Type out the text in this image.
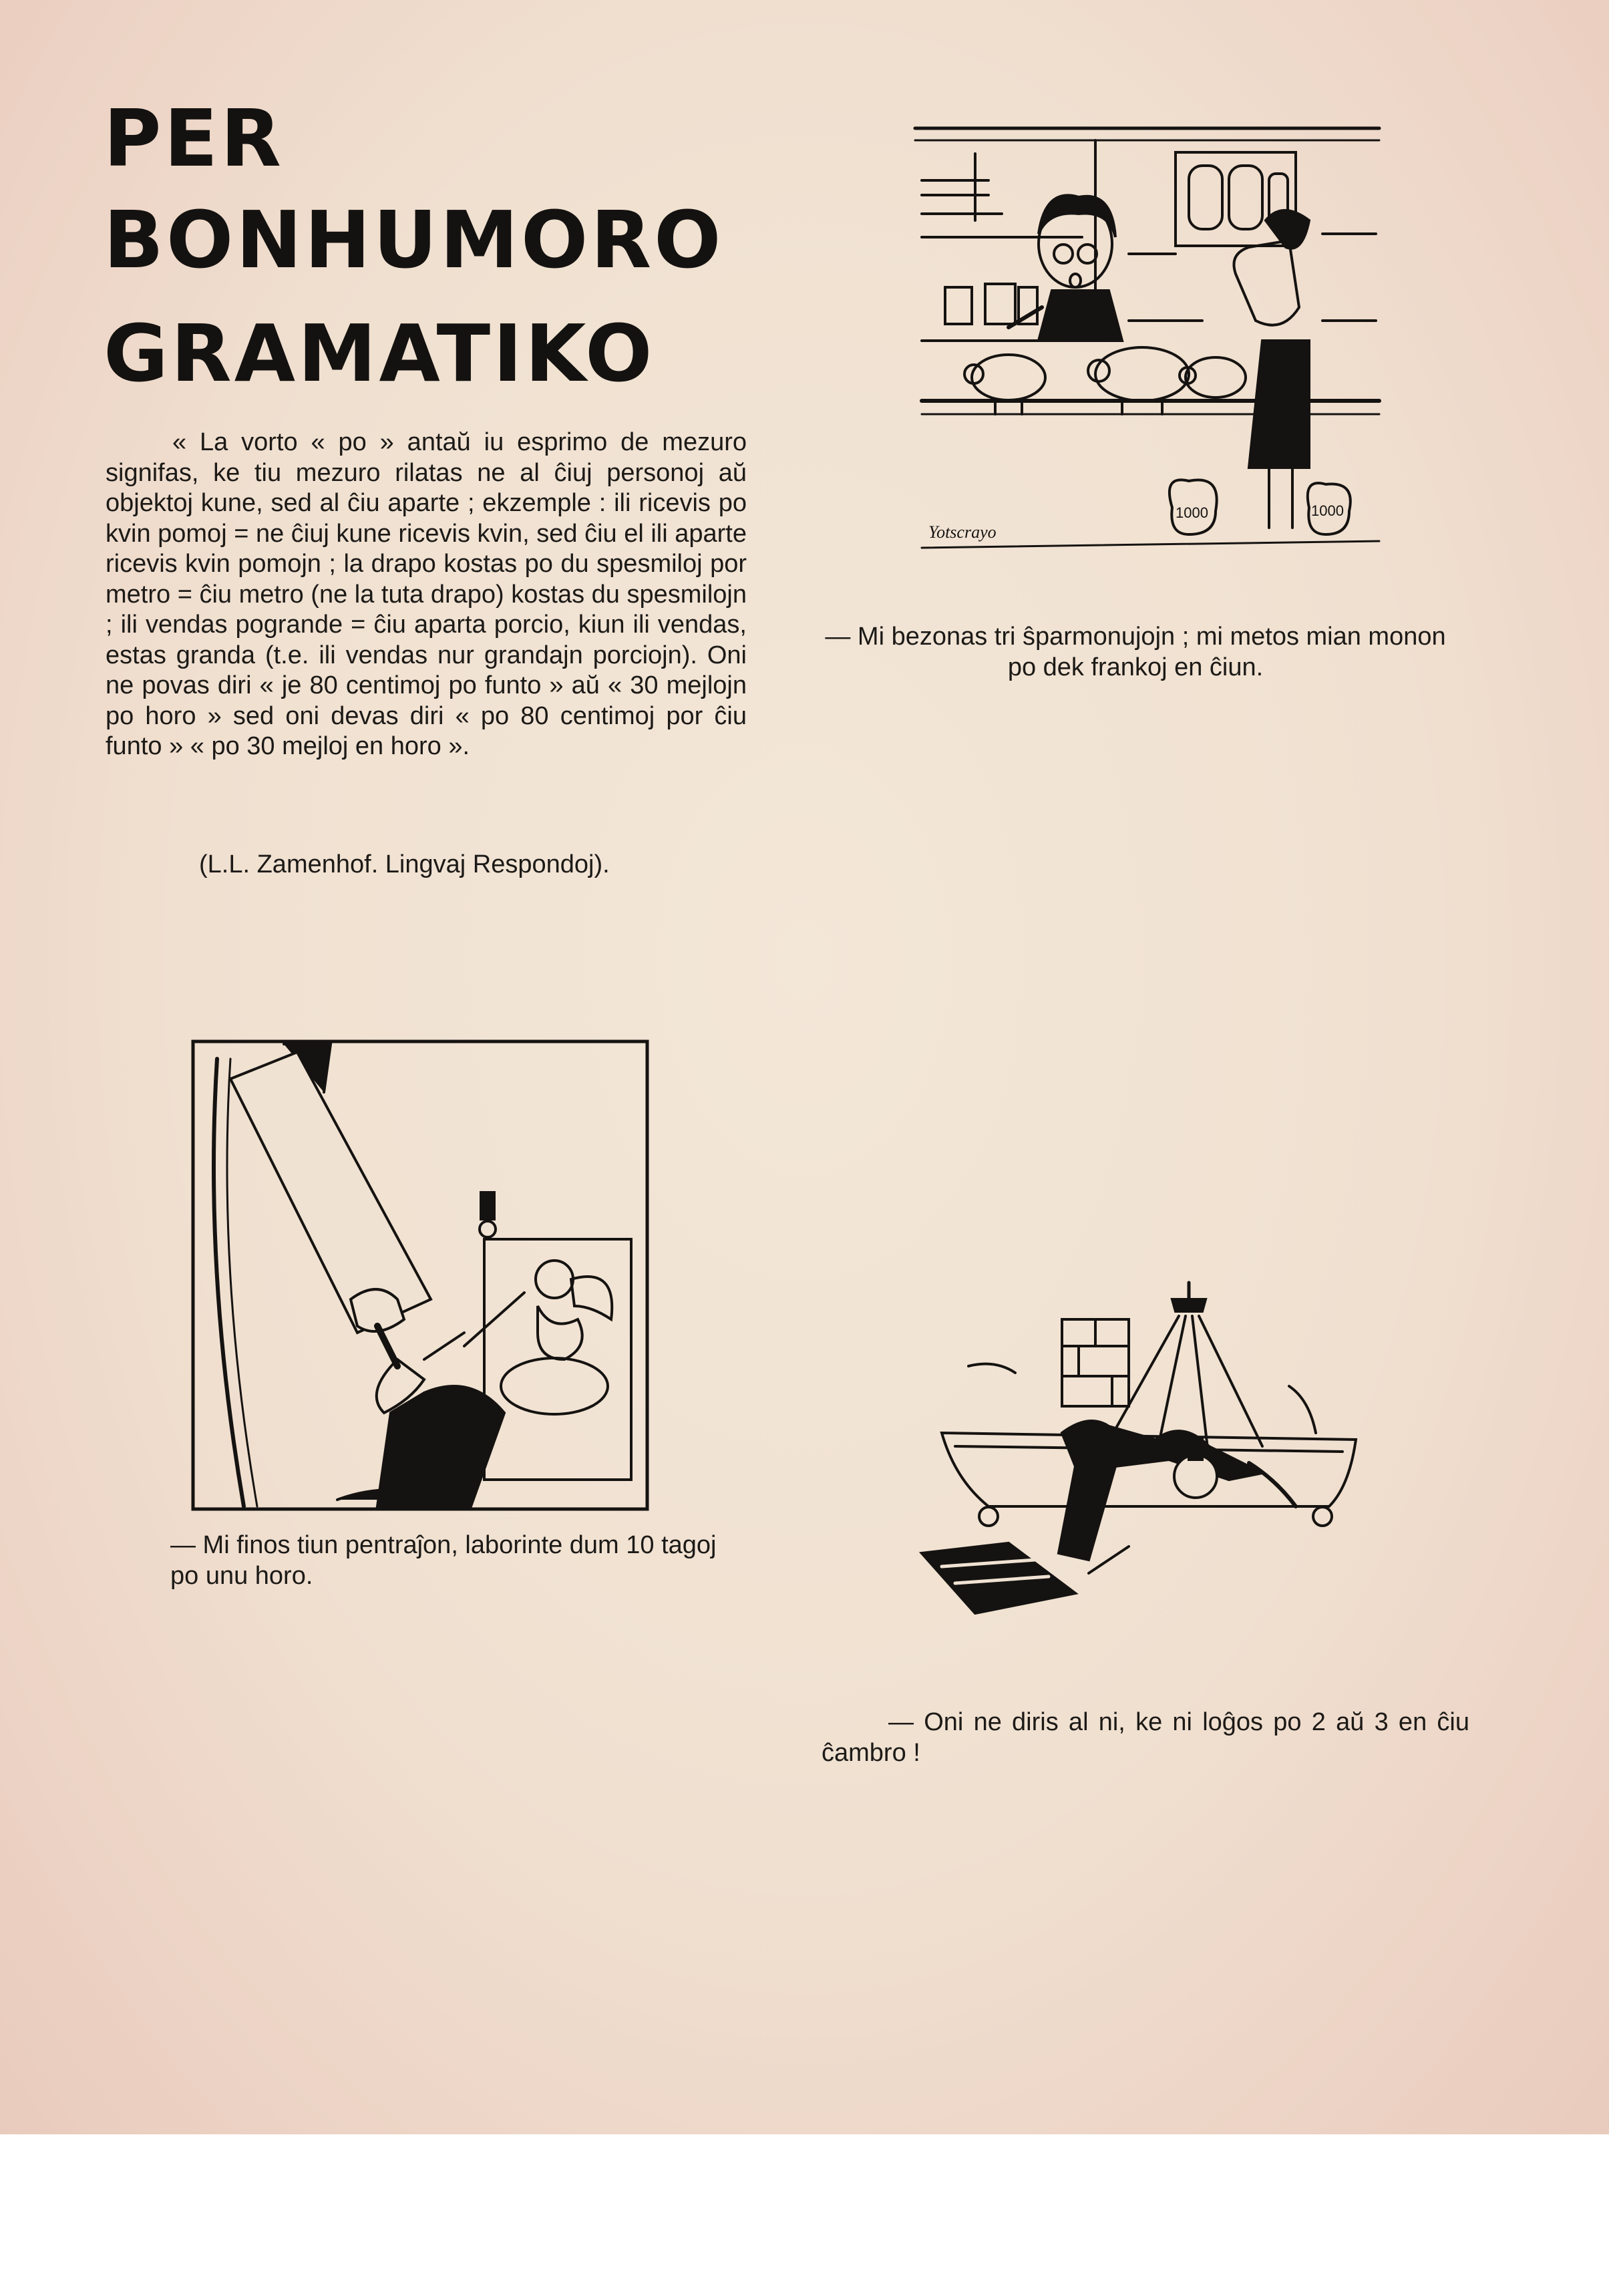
PER
BONHUMORO
GRAMATIKO

« La vorto « po » antaŭ iu esprimo de mezuro signifas, ke tiu mezuro rilatas ne al ĉiuj personoj aŭ objektoj kune, sed al ĉiu aparte ; ekzemple : ili ricevis po kvin pomoj = ne ĉiuj kune ricevis kvin, sed ĉiu el ili aparte ricevis kvin pomojn ; la drapo kostas po du spesmiloj por metro = ĉiu metro (ne la tuta drapo) kostas du spesmilojn ; ili vendas pogrande = ĉiu aparta porcio, kiun ili vendas, estas granda (t.e. ili vendas nur grandajn porciojn). Oni ne povas diri « je 80 centimoj po funto » aŭ « 30 mejlojn po horo » sed oni devas diri « po 80 centimoj por ĉiu funto » « po 30 mejloj en horo ».

(L.L. Zamenhof. Lingvaj Respondoj).
1000	1000
Yotscrayo

— Mi bezonas tri ŝparmonujojn ; mi metos mian monon po dek frankoj en ĉiun.

— Mi finos tiun pentraĵon, laborinte dum 10 tagoj po unu horo.

— Oni ne diris al ni, ke ni loĝos po 2 aŭ 3 en ĉiu ĉambro !
